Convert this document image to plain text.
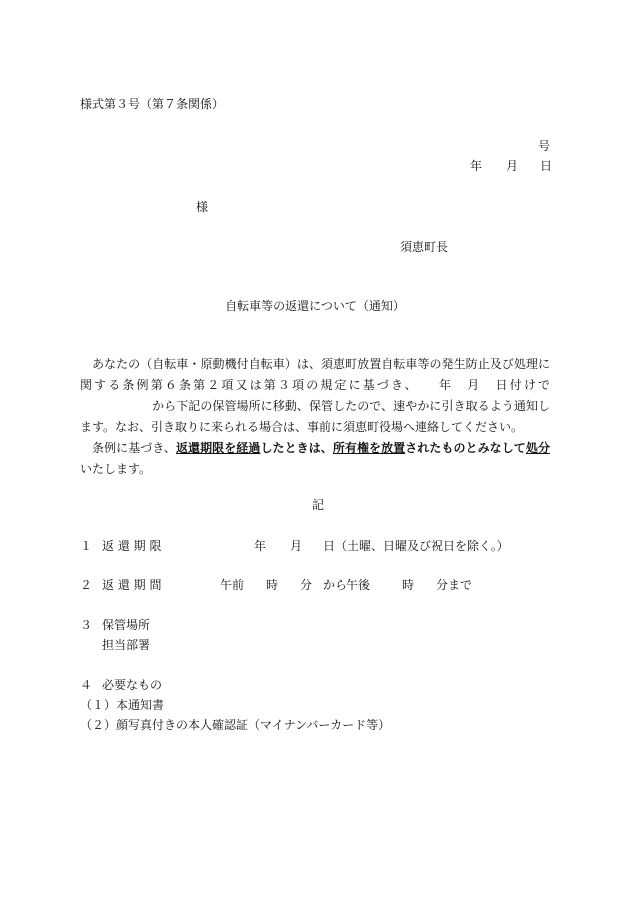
様式第３号（第７条関係）
号
年 月 日
様
須恵町長
自転車等の返還について（通知）
あなたの（自転車・原動機付自転車）は、須恵町放置自転車等の発生防止及び処理に関する条例第６条第２項又は第３項の規定に基づき、 年 月 日付けでから下記の保管場所に移動、保管したので、速やかに引き取るよう通知します。なお、引き取りに来られる場合は、事前に須恵町役場へ連絡してください。
条例に基づき、返還期限を経過したときは、所有権を放置されたものとみなして処分いたします。
記
１ 返 還 期 限	年 月 日（土曜、日曜及び祝日を除く。）
２ 返 還 期 間	午前 時 分 から
午後	時 分まで
３ 保管場所
担当部署
４ 必要なもの
（１）本通知書
（２）顔写真付きの本人確認証（マイナンバーカード等）
